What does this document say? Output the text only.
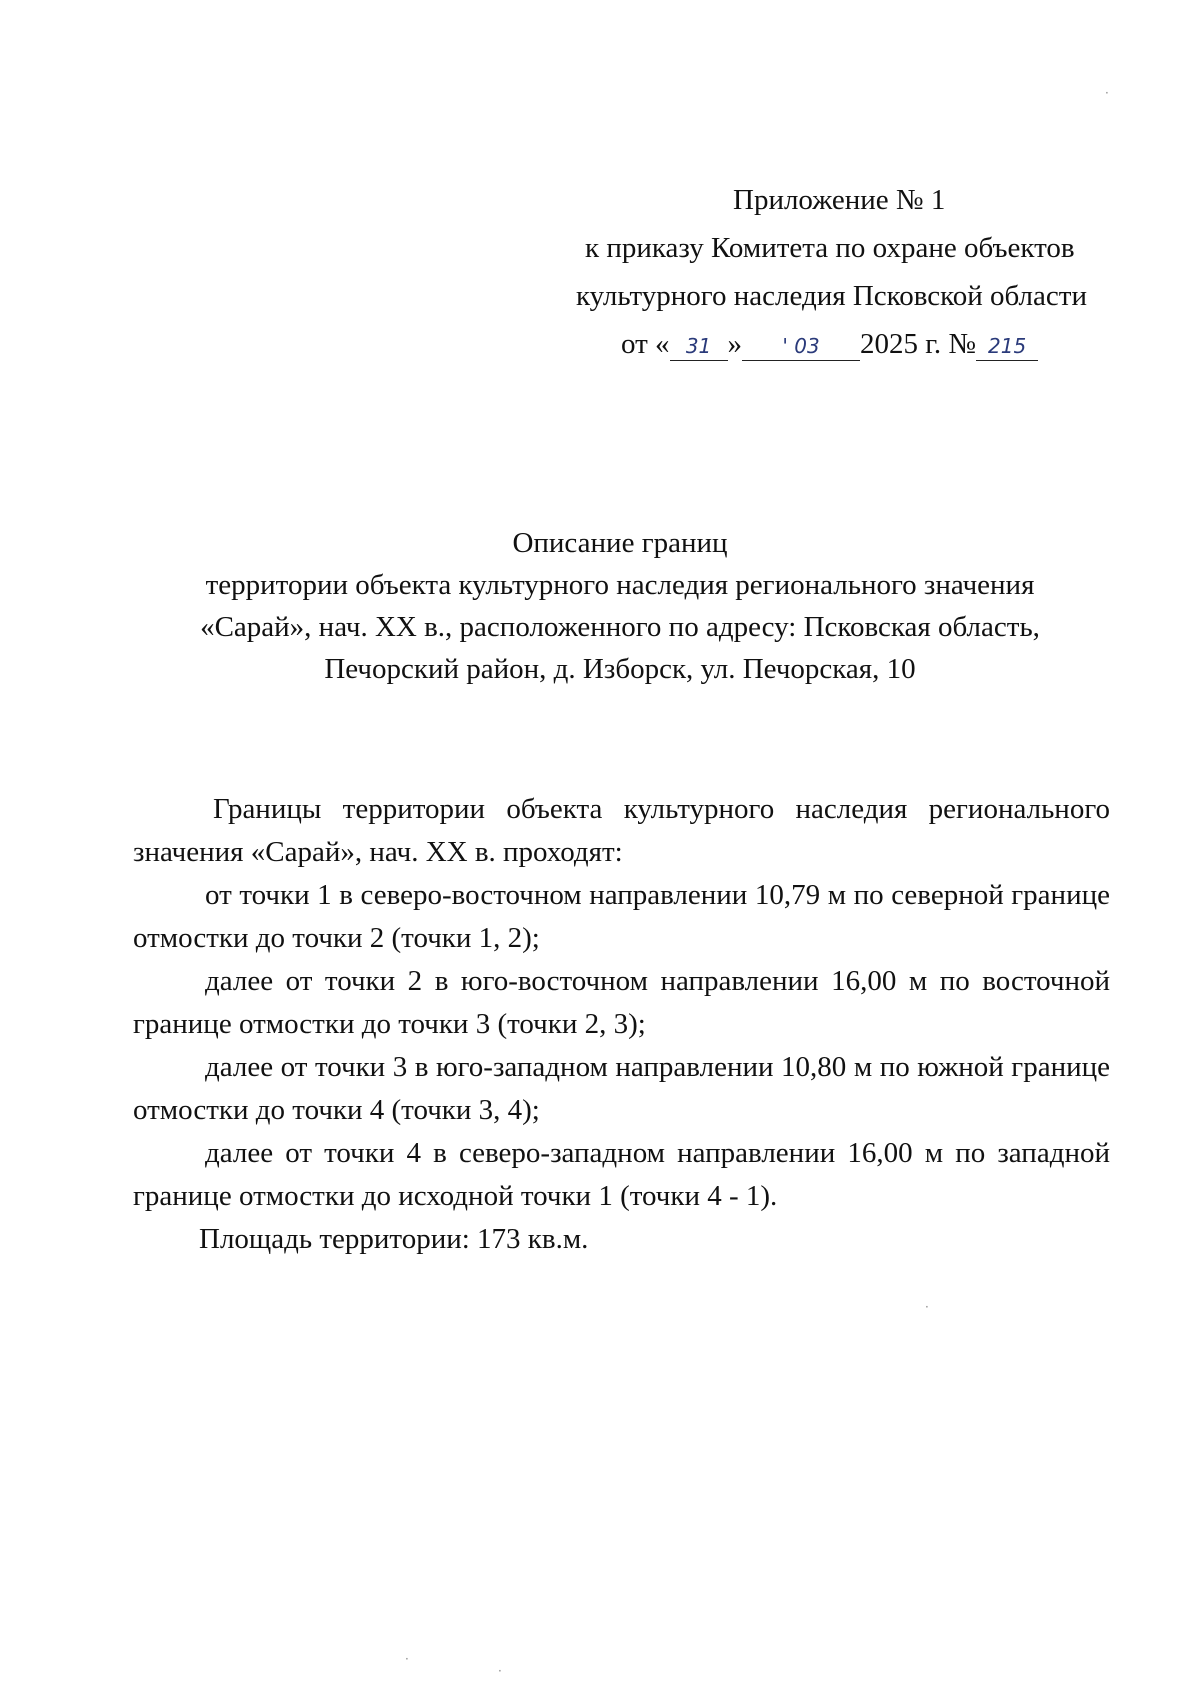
Приложение № 1
к приказу Комитета по охране объектов
культурного наследия Псковской области
от « 31 » ' 03 2025 г. № 215
Описание границ
территории объекта культурного наследия регионального значения
«Сарай», нач. XX в., расположенного по адресу: Псковская область,
Печорский район, д. Изборск, ул. Печорская, 10

Границы территории объекта культурного наследия регионального значения «Сарай», нач. XX в. проходят:

от точки 1 в северо-восточном направлении 10,79 м по северной границе отмостки до точки 2 (точки 1, 2);

далее от точки 2 в юго-восточном направлении 16,00 м по восточной границе отмостки до точки 3 (точки 2, 3);

далее от точки 3 в юго-западном направлении 10,80 м по южной границе отмостки до точки 4 (точки 3, 4);

далее от точки 4 в северо-западном направлении 16,00 м по западной границе отмостки до исходной точки 1 (точки 4 - 1).

Площадь территории: 173 кв.м.

·
·
·
·
